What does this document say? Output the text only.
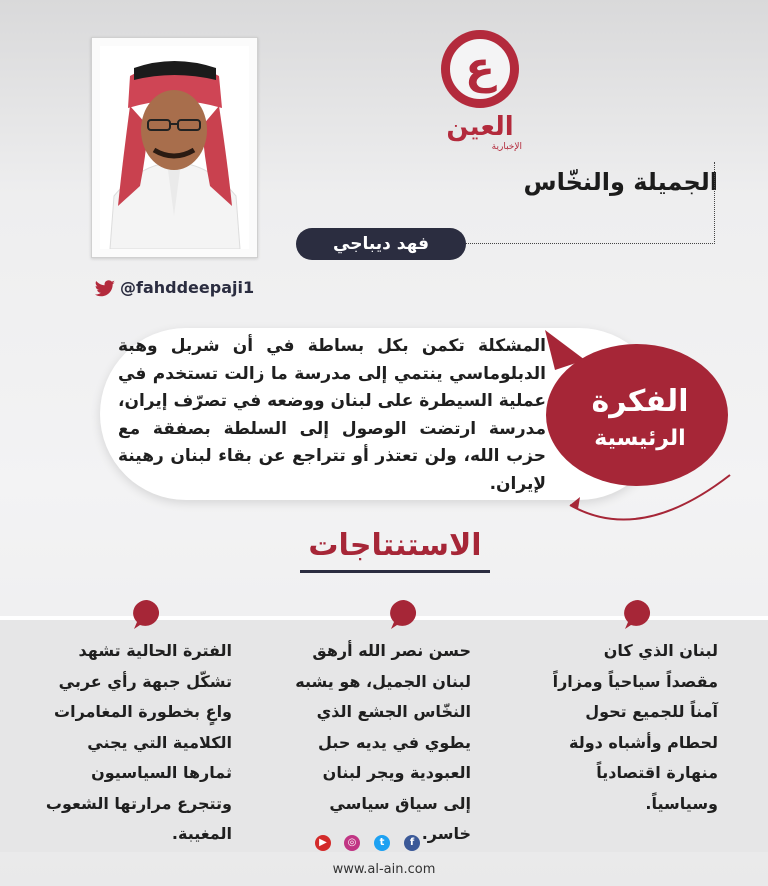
ع
العين
الإخبارية
الجميلة والنخّاس
فهد ديباجي
@fahddeepaji1
المشكلة تكمن بكل بساطة في أن شربل وهبة الدبلوماسي ينتمي إلى مدرسة ما زالت تستخدم في عملية السيطرة على لبنان ووضعه في تصرّف إيران، مدرسة ارتضت الوصول إلى السلطة بصفقة مع حزب الله، ولن تعتذر أو تتراجع عن بقاء لبنان رهينة لإيران.
الفكرة
الرئيسية
الاستنتاجات
لبنان الذي كان مقصداً سياحياً ومزاراً آمناً للجميع تحول لحطام وأشباه دولة منهارة اقتصادياً وسياسياً.
حسن نصر الله أرهق لبنان الجميل، هو يشبه النخّاس الجشع الذي يطوي في يديه حبل العبودية ويجر لبنان إلى سياق سياسي خاسر.
الفترة الحالية تشهد تشكّل جبهة رأي عربي واعٍ بخطورة المغامرات الكلامية التي يجني ثمارها السياسيون وتتجرع مرارتها الشعوب المغيبة.	▶	◎	t	f
www.al-ain.com
